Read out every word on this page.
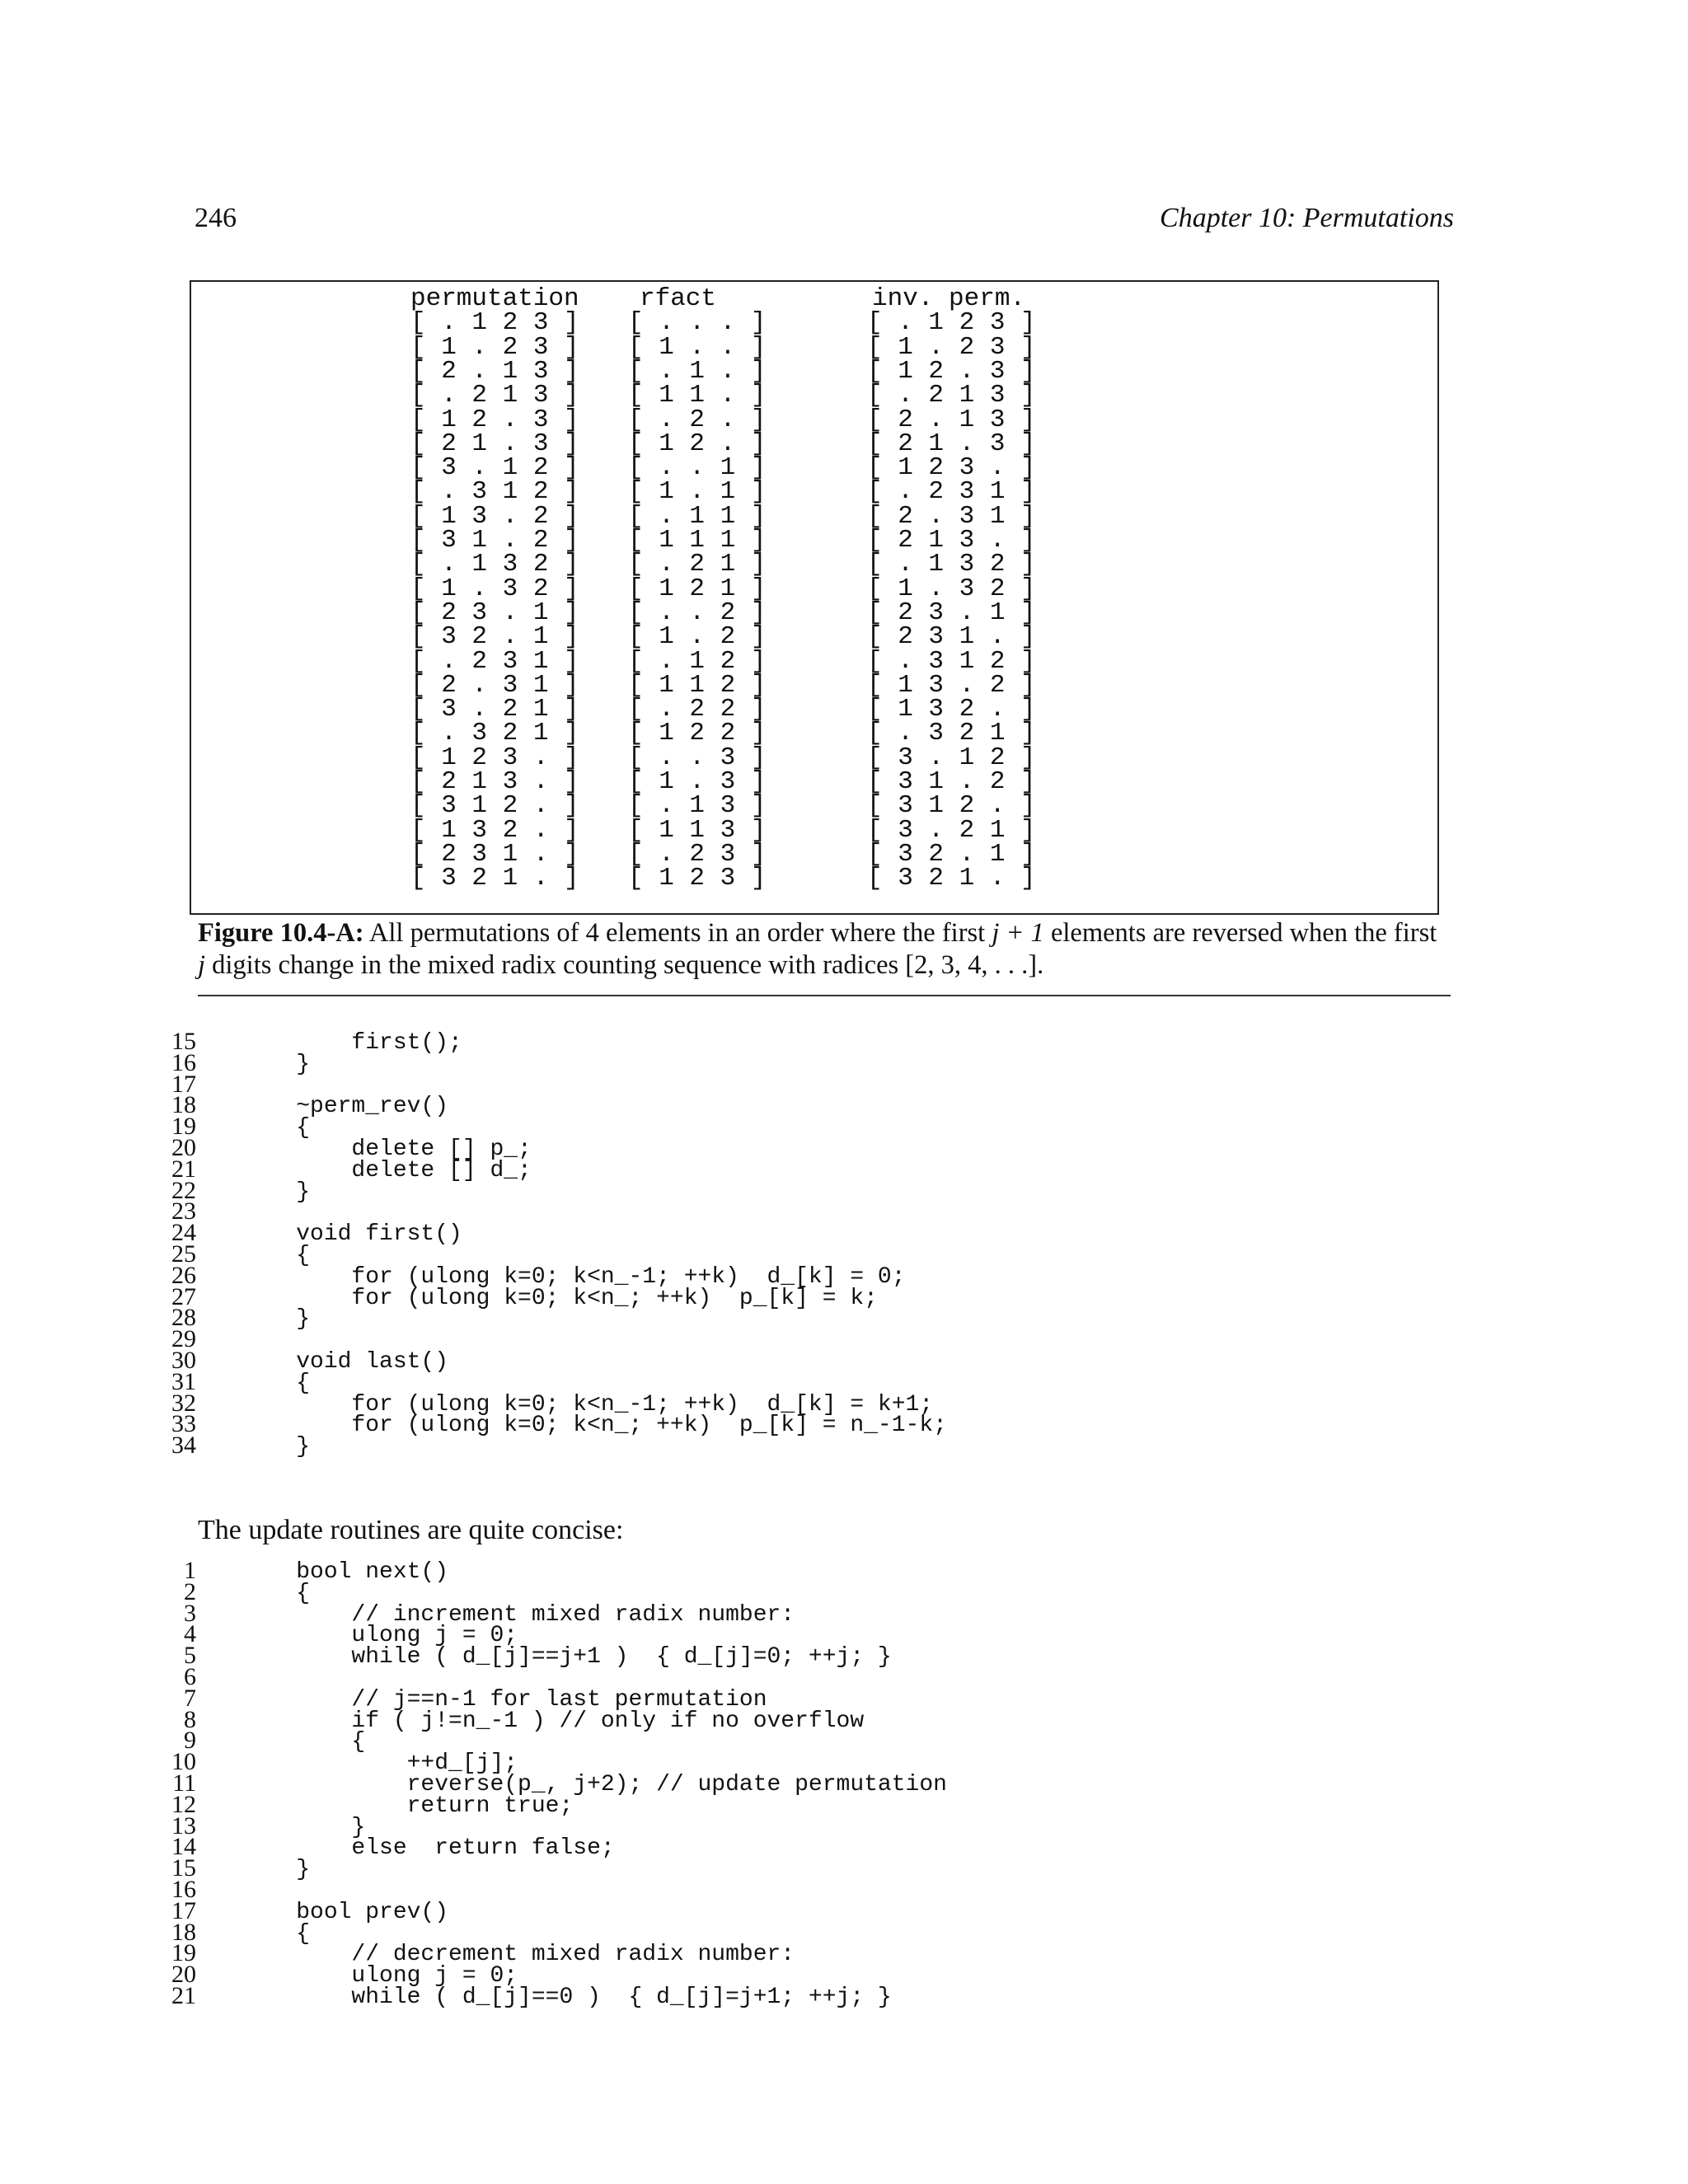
246	Chapter 10: Permutations
permutation rfact	inv. perm.
[ . 1 2 3 ] [ . . . ]	[ . 1 2 3 ]
[ 1 . 2 3 ] [ 1 . . ]	[ 1 . 2 3 ]
[ 2 . 1 3 ] [ . 1 . ]	[ 1 2 . 3 ]
[ . 2 1 3 ] [ 1 1 . ]	[ . 2 1 3 ]
[ 1 2 . 3 ] [ . 2 . ]	[ 2 . 1 3 ]
[ 2 1 . 3 ] [ 1 2 . ]	[ 2 1 . 3 ]
[ 3 . 1 2 ] [ . . 1 ]	[ 1 2 3 . ]
[ . 3 1 2 ] [ 1 . 1 ]	[ . 2 3 1 ]
[ 1 3 . 2 ] [ . 1 1 ]	[ 2 . 3 1 ]
[ 3 1 . 2 ] [ 1 1 1 ]	[ 2 1 3 . ]
[ . 1 3 2 ] [ . 2 1 ]	[ . 1 3 2 ]
[ 1 . 3 2 ] [ 1 2 1 ]	[ 1 . 3 2 ]
[ 2 3 . 1 ] [ . . 2 ]	[ 2 3 . 1 ]
[ 3 2 . 1 ] [ 1 . 2 ]	[ 2 3 1 . ]
[ . 2 3 1 ] [ . 1 2 ]	[ . 3 1 2 ]
[ 2 . 3 1 ] [ 1 1 2 ]	[ 1 3 . 2 ]
[ 3 . 2 1 ] [ . 2 2 ]	[ 1 3 2 . ]
[ . 3 2 1 ] [ 1 2 2 ]	[ . 3 2 1 ]
[ 1 2 3 . ] [ . . 3 ]	[ 3 . 1 2 ]
[ 2 1 3 . ] [ 1 . 3 ]	[ 3 1 . 2 ]
[ 3 1 2 . ] [ . 1 3 ]	[ 3 1 2 . ]
[ 1 3 2 . ] [ 1 1 3 ]	[ 3 . 2 1 ]
[ 2 3 1 . ] [ . 2 3 ]	[ 3 2 . 1 ]
[ 3 2 1 . ] [ 1 2 3 ]	[ 3 2 1 . ]
Figure 10.4-A: All permutations of 4 elements in an order where the first j + 1 elements are reversed when the first j digits change in the mixed radix counting sequence with radices [2, 3, 4, . . .].
15 first();
16 }
17
18 ~perm_rev()
19 {
20 delete [] p_;
21 delete [] d_;
22 }
23
24 void first()
25 {
26 for (ulong k=0; k<n_-1; ++k)  d_[k] = 0;
27 for (ulong k=0; k<n_; ++k)  p_[k] = k;
28 }
29
30 void last()
31 {
32 for (ulong k=0; k<n_-1; ++k)  d_[k] = k+1;
33 for (ulong k=0; k<n_; ++k)  p_[k] = n_-1-k;
34 }
The update routines are quite concise:
1 bool next()
2 {
3 // increment mixed radix number:
4 ulong j = 0;
5 while ( d_[j]==j+1 )  { d_[j]=0; ++j; }
6
7 // j==n-1 for last permutation
8 if ( j!=n_-1 ) // only if no overflow
9 {
10 ++d_[j];
11 reverse(p_, j+2); // update permutation
12 return true;
13 }
14 else  return false;
15 }
16
17 bool prev()
18 {
19 // decrement mixed radix number:
20 ulong j = 0;
21 while ( d_[j]==0 )  { d_[j]=j+1; ++j; }
